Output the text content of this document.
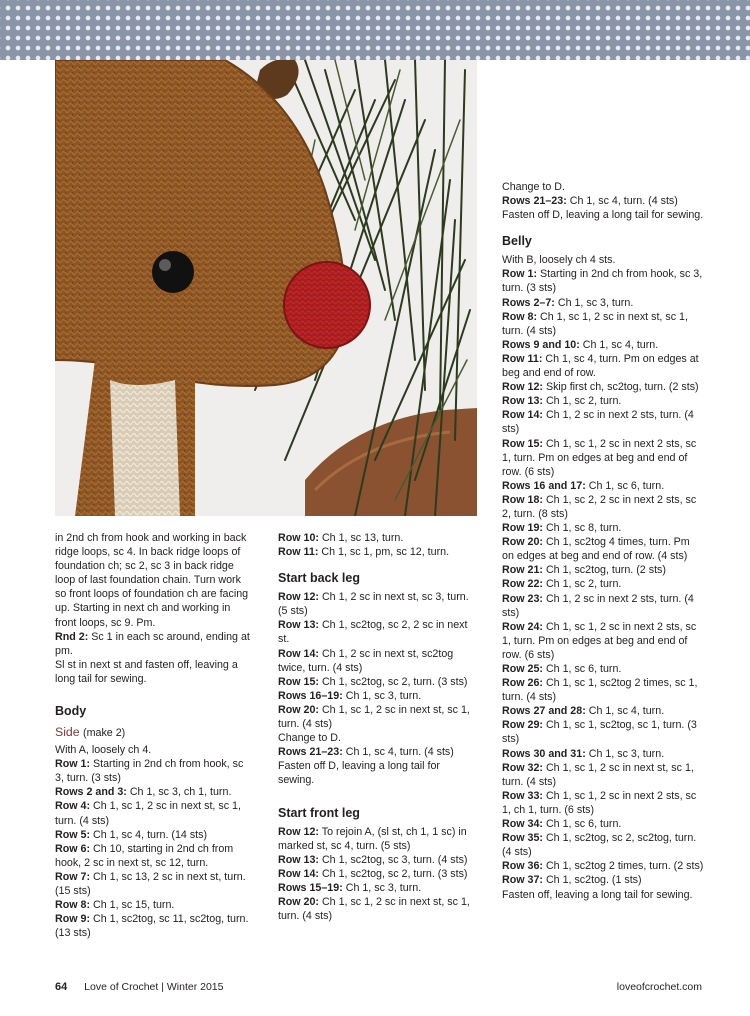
in 2nd ch from hook and working in back ridge loops, sc 4. In back ridge loops of foundation ch; sc 2, sc 3 in back ridge loop of last foundation chain. Turn work so front loops of foundation ch are facing up. Starting in next ch and working in front loops, sc 9. Pm.

Rnd 2: Sc 1 in each sc around, ending at pm.

Sl st in next st and fasten off, leaving a long tail for sewing.

Body
Side (make 2)

With A, loosely ch 4.

Row 1: Starting in 2nd ch from hook, sc 3, turn. (3 sts)

Rows 2 and 3: Ch 1, sc 3, ch 1, turn.

Row 4: Ch 1, sc 1, 2 sc in next st, sc 1, turn. (4 sts)

Row 5: Ch 1, sc 4, turn. (14 sts)

Row 6: Ch 10, starting in 2nd ch from hook, 2 sc in next st, sc 12, turn.

Row 7: Ch 1, sc 13, 2 sc in next st, turn. (15 sts)

Row 8: Ch 1, sc 15, turn.

Row 9: Ch 1, sc2tog, sc 11, sc2tog, turn. (13 sts)

Row 10: Ch 1, sc 13, turn.

Row 11: Ch 1, sc 1, pm, sc 12, turn.

Start back leg

Row 12: Ch 1, 2 sc in next st, sc 3, turn. (5 sts)

Row 13: Ch 1, sc2tog, sc 2, 2 sc in next st.

Row 14: Ch 1, 2 sc in next st, sc2tog twice, turn. (4 sts)

Row 15: Ch 1, sc2tog, sc 2, turn. (3 sts)

Rows 16–19: Ch 1, sc 3, turn.

Row 20: Ch 1, sc 1, 2 sc in next st, sc 1, turn. (4 sts)

Change to D.

Rows 21–23: Ch 1, sc 4, turn. (4 sts)

Fasten off D, leaving a long tail for sewing.

Start front leg

Row 12: To rejoin A, (sl st, ch 1, 1 sc) in marked st, sc 4, turn. (5 sts)

Row 13: Ch 1, sc2tog, sc 3, turn. (4 sts)

Row 14: Ch 1, sc2tog, sc 2, turn. (3 sts)

Rows 15–19: Ch 1, sc 3, turn.

Row 20: Ch 1, sc 1, 2 sc in next st, sc 1, turn. (4 sts)

Change to D.

Rows 21–23: Ch 1, sc 4, turn. (4 sts)

Fasten off D, leaving a long tail for sewing.

Belly

With B, loosely ch 4 sts.

Row 1: Starting in 2nd ch from hook, sc 3, turn. (3 sts)

Rows 2–7: Ch 1, sc 3, turn.

Row 8: Ch 1, sc 1, 2 sc in next st, sc 1, turn. (4 sts)

Rows 9 and 10: Ch 1, sc 4, turn.

Row 11: Ch 1, sc 4, turn. Pm on edges at beg and end of row.

Row 12: Skip first ch, sc2tog, turn. (2 sts)

Row 13: Ch 1, sc 2, turn.

Row 14: Ch 1, 2 sc in next 2 sts, turn. (4 sts)

Row 15: Ch 1, sc 1, 2 sc in next 2 sts, sc 1, turn. Pm on edges at beg and end of row. (6 sts)

Rows 16 and 17: Ch 1, sc 6, turn.

Row 18: Ch 1, sc 2, 2 sc in next 2 sts, sc 2, turn. (8 sts)

Row 19: Ch 1, sc 8, turn.

Row 20: Ch 1, sc2tog 4 times, turn. Pm on edges at beg and end of row. (4 sts)

Row 21: Ch 1, sc2tog, turn. (2 sts)

Row 22: Ch 1, sc 2, turn.

Row 23: Ch 1, 2 sc in next 2 sts, turn. (4 sts)

Row 24: Ch 1, sc 1, 2 sc in next 2 sts, sc 1, turn. Pm on edges at beg and end of row. (6 sts)

Row 25: Ch 1, sc 6, turn.

Row 26: Ch 1, sc 1, sc2tog 2 times, sc 1, turn. (4 sts)

Rows 27 and 28: Ch 1, sc 4, turn.

Row 29: Ch 1, sc 1, sc2tog, sc 1, turn. (3 sts)

Rows 30 and 31: Ch 1, sc 3, turn.

Row 32: Ch 1, sc 1, 2 sc in next st, sc 1, turn. (4 sts)

Row 33: Ch 1, sc 1, 2 sc in next 2 sts, sc 1, ch 1, turn. (6 sts)

Row 34: Ch 1, sc 6, turn.

Row 35: Ch 1, sc2tog, sc 2, sc2tog, turn. (4 sts)

Row 36: Ch 1, sc2tog 2 times, turn. (2 sts)

Row 37: Ch 1, sc2tog. (1 sts)

Fasten off, leaving a long tail for sewing.

64 Love of Crochet | Winter 2015	loveofcrochet.com
